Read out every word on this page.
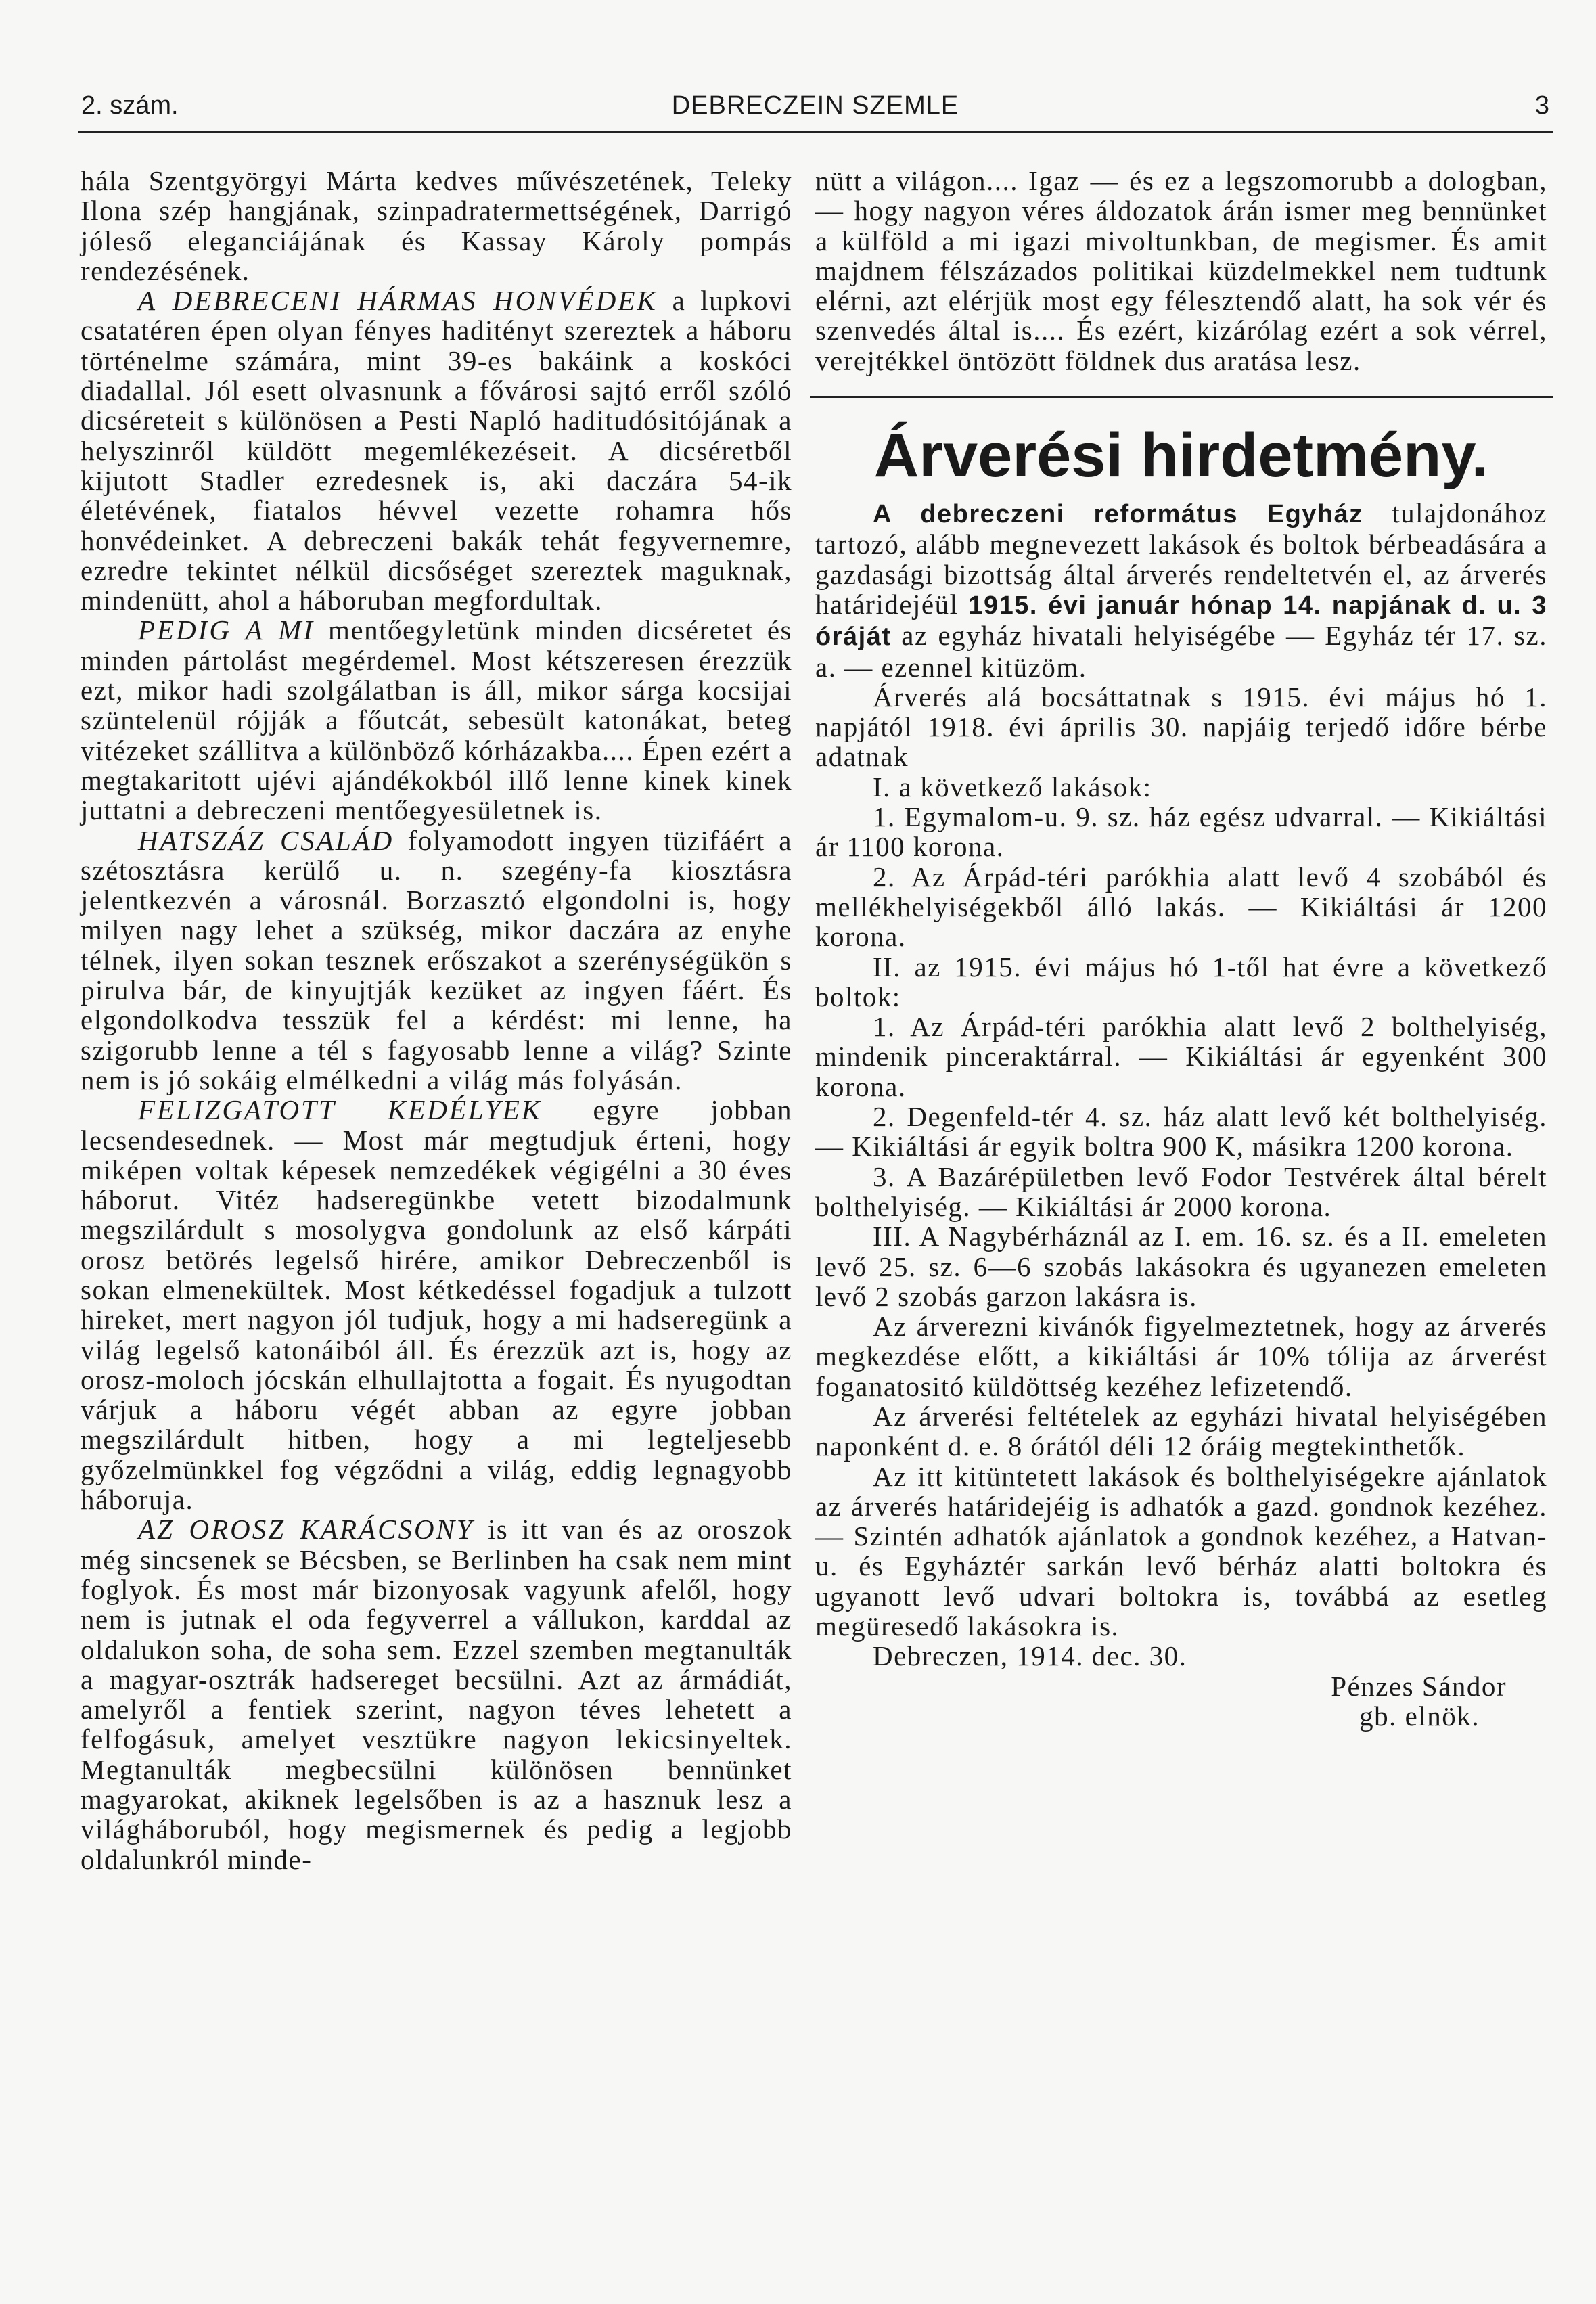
DEBRECZEIN SZEMLE
2. szám.	3

hála Szentgyörgyi Márta kedves művészetének, Teleky Ilona szép hangjának, szinpadratermettségének, Darrigó jóleső eleganciájának és Kassay Károly pompás rendezésének.

A DEBRECENI HÁRMAS HONVÉDEK a lupkovi csatatéren épen olyan fényes haditényt szereztek a háboru történelme számára, mint 39-es bakáink a koskóci diadallal. Jól esett olvasnunk a fővárosi sajtó erről szóló dicséreteit s különösen a Pesti Napló haditudósitójának a helyszinről küldött megemlékezéseit. A dicséretből kijutott Stadler ezredesnek is, aki daczára 54-ik életévének, fiatalos hévvel vezette rohamra hős honvédeinket. A debreczeni bakák tehát fegyvernemre, ezredre tekintet nélkül dicsőséget szereztek maguknak, mindenütt, ahol a háboruban megfordultak.

PEDIG A MI mentőegyletünk minden dicséretet és minden pártolást megérdemel. Most kétszeresen érezzük ezt, mikor hadi szolgálatban is áll, mikor sárga kocsijai szüntelenül rójják a főutcát, sebesült katonákat, beteg vitézeket szállitva a különböző kórházakba.... Épen ezért a megtakaritott ujévi ajándékokból illő lenne kinek kinek juttatni a debreczeni mentőegyesületnek is.

HATSZÁZ CSALÁD folyamodott ingyen tüzifáért a szétosztásra kerülő u. n. szegény-fa kiosztásra jelentkezvén a városnál. Borzasztó elgondolni is, hogy milyen nagy lehet a szükség, mikor daczára az enyhe télnek, ilyen sokan tesznek erőszakot a szerénységükön s pirulva bár, de kinyujtják kezüket az ingyen fáért. És elgondolkodva tesszük fel a kérdést: mi lenne, ha szigorubb lenne a tél s fagyosabb lenne a világ? Szinte nem is jó sokáig elmélkedni a világ más folyásán.

FELIZGATOTT KEDÉLYEK egyre jobban lecsendesednek. — Most már megtudjuk érteni, hogy miképen voltak képesek nemzedékek végigélni a 30 éves háborut. Vitéz hadseregünkbe vetett bizodalmunk megszilárdult s mosolygva gondolunk az első kárpáti orosz betörés legelső hirére, amikor Debreczenből is sokan elmenekültek. Most kétkedéssel fogadjuk a tulzott hireket, mert nagyon jól tudjuk, hogy a mi hadseregünk a világ legelső katonáiból áll. És érezzük azt is, hogy az orosz-moloch jócskán elhullajtotta a fogait. És nyugodtan várjuk a háboru végét abban az egyre jobban megszilárdult hitben, hogy a mi legteljesebb győzelmünkkel fog végződni a világ, eddig legnagyobb háboruja.

AZ OROSZ KARÁCSONY is itt van és az oroszok még sincsenek se Bécsben, se Berlinben ha csak nem mint foglyok. És most már bizonyosak vagyunk afelől, hogy nem is jutnak el oda fegyverrel a vállukon, karddal az oldalukon soha, de soha sem. Ezzel szemben megtanulták a magyar-osztrák hadsereget becsülni. Azt az ármádiát, amelyről a fentiek szerint, nagyon téves lehetett a felfogásuk, amelyet vesztükre nagyon lekicsinyeltek. Megtanulták megbecsülni különösen bennünket magyarokat, akiknek legelsőben is az a hasznuk lesz a világháboruból, hogy megismernek és pedig a legjobb oldalunkról minde-

nütt a világon.... Igaz — és ez a legszomorubb a dologban, — hogy nagyon véres áldozatok árán ismer meg bennünket a külföld a mi igazi mivoltunkban, de megismer. És amit majdnem félszázados politikai küzdelmekkel nem tudtunk elérni, azt elérjük most egy félesztendő alatt, ha sok vér és szenvedés által is.... És ezért, kizárólag ezért a sok vérrel, verejtékkel öntözött földnek dus aratása lesz.

Árverési hirdetmény.

A debreczeni református Egyház tulajdonához tartozó, alább megnevezett lakások és boltok bérbeadására a gazdasági bizottság által árverés rendeltetvén el, az árverés határidejéül 1915. évi január hónap 14. napjának d. u. 3 óráját az egyház hivatali helyiségébe — Egyház tér 17. sz. a. — ezennel kitüzöm.

Árverés alá bocsáttatnak s 1915. évi május hó 1. napjától 1918. évi április 30. napjáig terjedő időre bérbe adatnak

I. a következő lakások:

1. Egymalom-u. 9. sz. ház egész udvarral. — Kikiáltási ár 1100 korona.

2. Az Árpád-téri parókhia alatt levő 4 szobából és mellékhelyiségekből álló lakás. — Kikiáltási ár 1200 korona.

II. az 1915. évi május hó 1-től hat évre a következő boltok:

1. Az Árpád-téri parókhia alatt levő 2 bolthelyiség, mindenik pinceraktárral. — Kikiáltási ár egyenként 300 korona.

2. Degenfeld-tér 4. sz. ház alatt levő két bolthelyiség. — Kikiáltási ár egyik boltra 900 K, másikra 1200 korona.

3. A Bazárépületben levő Fodor Testvérek által bérelt bolthelyiség. — Kikiáltási ár 2000 korona.

III. A Nagybérháznál az I. em. 16. sz. és a II. emeleten levő 25. sz. 6—6 szobás lakásokra és ugyanezen emeleten levő 2 szobás garzon lakásra is.

Az árverezni kivánók figyelmeztetnek, hogy az árverés megkezdése előtt, a kikiáltási ár 10% tólija az árverést foganatositó küldöttség kezéhez lefizetendő.

Az árverési feltételek az egyházi hivatal helyiségében naponként d. e. 8 órától déli 12 óráig megtekinthetők.

Az itt kitüntetett lakások és bolthelyiségekre ajánlatok az árverés határidejéig is adhatók a gazd. gondnok kezéhez. — Szintén adhatók ajánlatok a gondnok kezéhez, a Hatvan-u. és Egyháztér sarkán levő bérház alatti boltokra és ugyanott levő udvari boltokra is, továbbá az esetleg megüresedő lakásokra is.

Debreczen, 1914. dec. 30.

Pénzes Sándor

gb. elnök.
